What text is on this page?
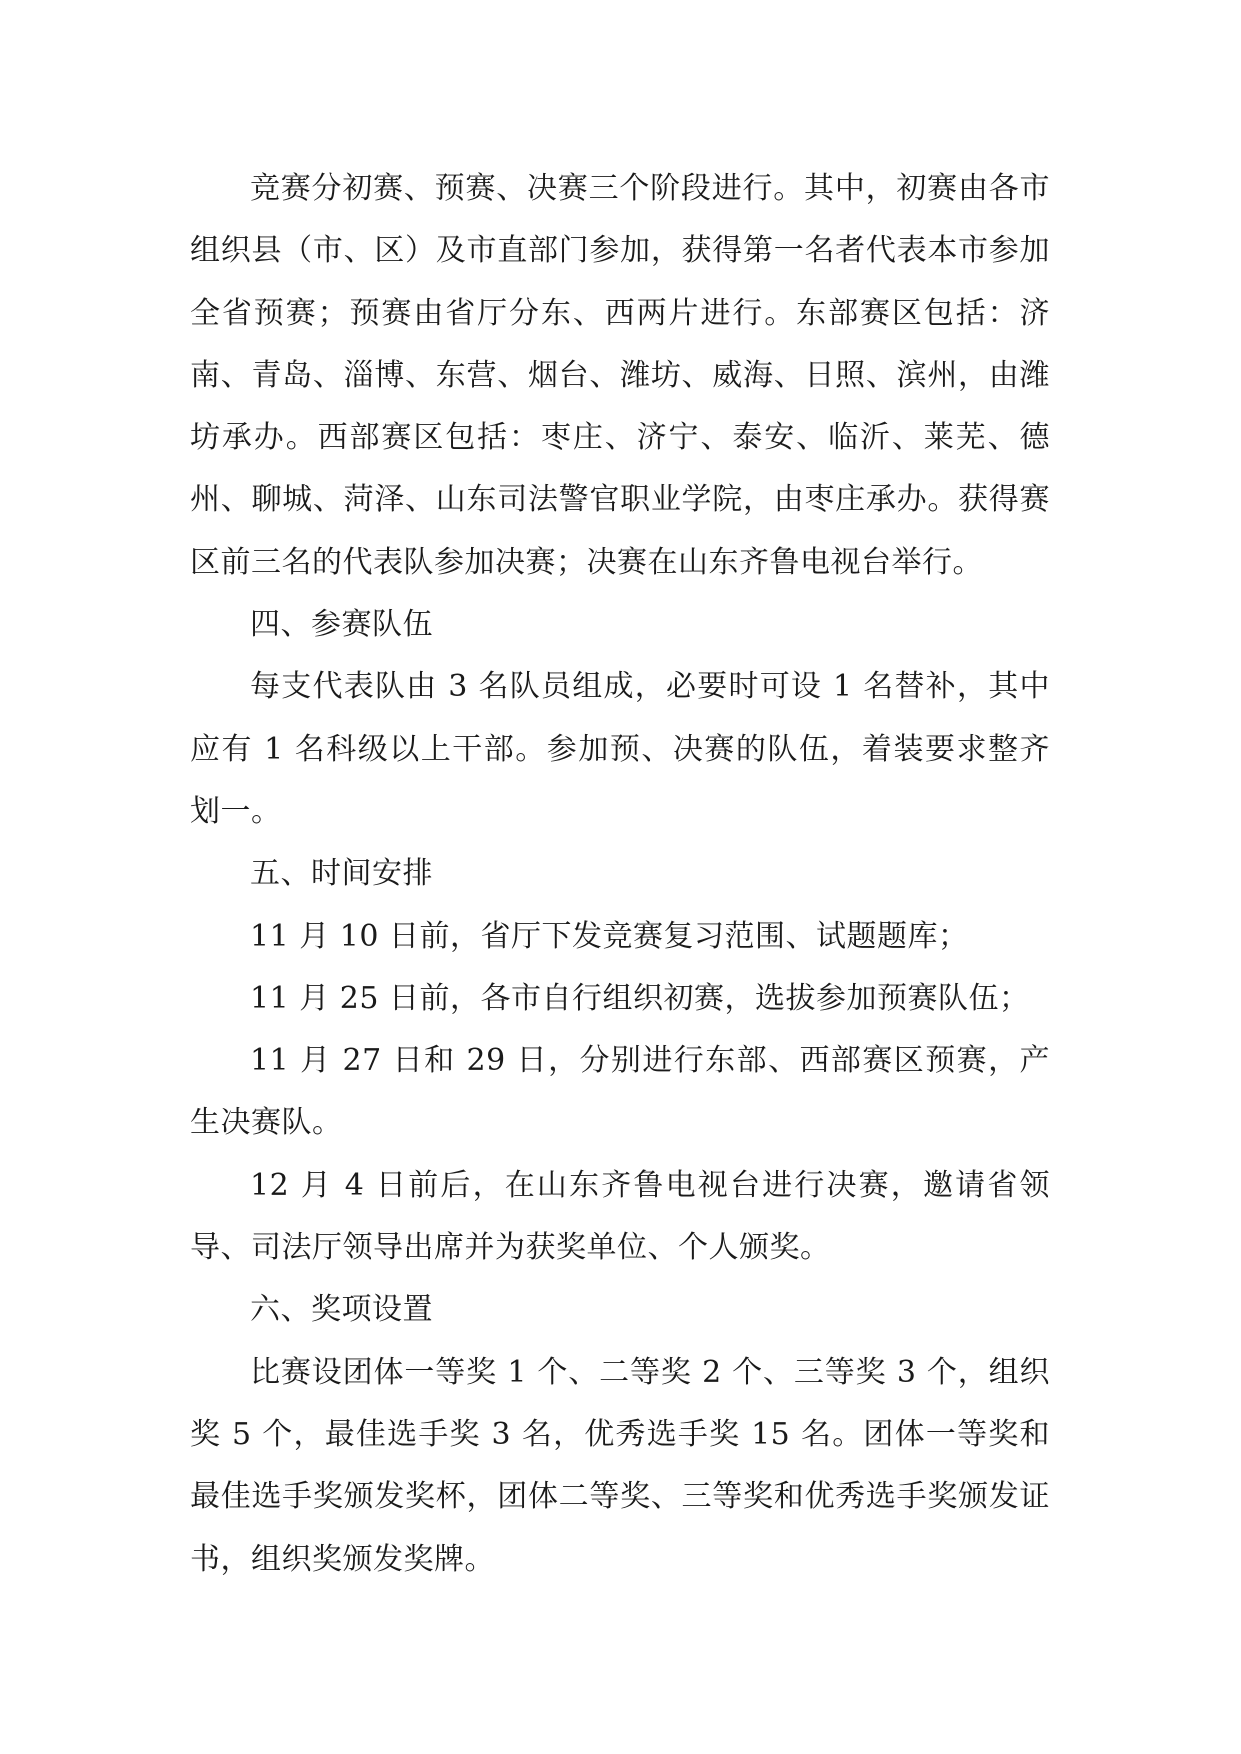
竞赛分初赛、预赛、决赛三个阶段进行。其中，初赛由各市组织县（市、区）及市直部门参加，获得第一名者代表本市参加全省预赛；预赛由省厅分东、西两片进行。东部赛区包括：济南、青岛、淄博、东营、烟台、潍坊、威海、日照、滨州，由潍坊承办。西部赛区包括：枣庄、济宁、泰安、临沂、莱芜、德州、聊城、菏泽、山东司法警官职业学院，由枣庄承办。获得赛区前三名的代表队参加决赛；决赛在山东齐鲁电视台举行。

四、参赛队伍

每支代表队由 3 名队员组成，必要时可设 1 名替补，其中应有 1 名科级以上干部。参加预、决赛的队伍，着装要求整齐划一。

五、时间安排

11 月 10 日前，省厅下发竞赛复习范围、试题题库；

11 月 25 日前，各市自行组织初赛，选拔参加预赛队伍；

11 月 27 日和 29 日，分别进行东部、西部赛区预赛，产生决赛队。

12 月 4 日前后，在山东齐鲁电视台进行决赛，邀请省领导、司法厅领导出席并为获奖单位、个人颁奖。

六、奖项设置

比赛设团体一等奖 1 个、二等奖 2 个、三等奖 3 个，组织奖 5 个，最佳选手奖 3 名，优秀选手奖 15 名。团体一等奖和最佳选手奖颁发奖杯，团体二等奖、三等奖和优秀选手奖颁发证书，组织奖颁发奖牌。
